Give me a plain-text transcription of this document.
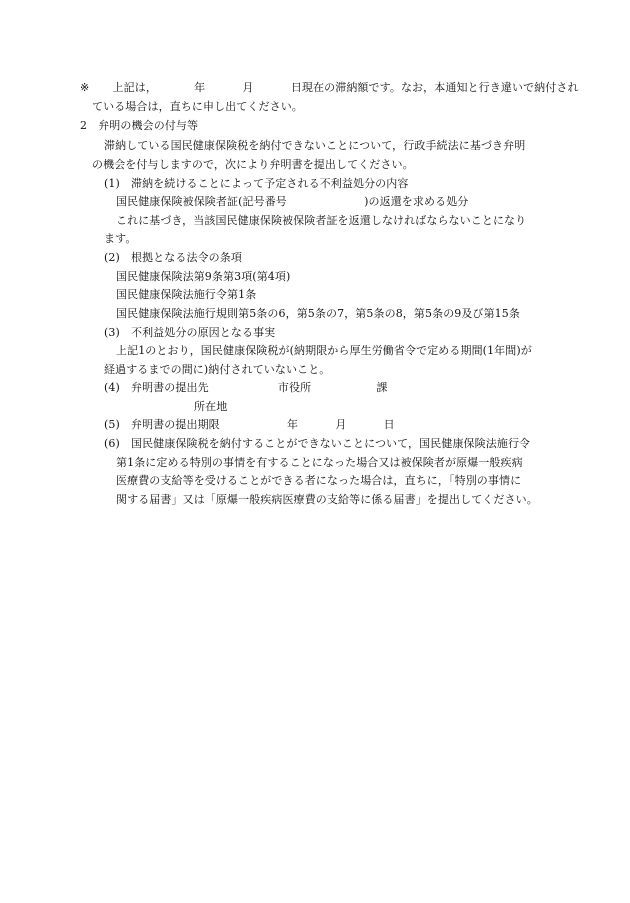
※ 上記は，	年	月	日現在の滞納額です。なお，本通知と行き違いで納付され
ている場合は，直ちに申し出てください。
2　弁明の機会の付与等
滞納している国民健康保険税を納付できないことについて，行政手続法に基づき弁明
の機会を付与しますので，次により弁明書を提出してください。
(1)　滞納を続けることによって予定される不利益処分の内容
国民健康保険被保険者証(記号番号	)の返還を求める処分
これに基づき，当該国民健康保険被保険者証を返還しなければならないことになり
ます。
(2)　根拠となる法令の条項
国民健康保険法第9条第3項(第4項)
国民健康保険法施行令第1条
国民健康保険法施行規則第5条の6，第5条の7，第5条の8，第5条の9及び第15条
(3)　不利益処分の原因となる事実
上記1のとおり，国民健康保険税が(納期限から厚生労働省令で定める期間(1年間)が
経過するまでの間に)納付されていないこと。
(4)　弁明書の提出先	市役所	課
所在地
(5)　弁明書の提出期限	年	月	日
(6)　国民健康保険税を納付することができないことについて，国民健康保険法施行令
第1条に定める特別の事情を有することになった場合又は被保険者が原爆一般疾病
医療費の支給等を受けることができる者になった場合は，直ちに，「特別の事情に
関する届書」又は「原爆一般疾病医療費の支給等に係る届書」を提出してください。
